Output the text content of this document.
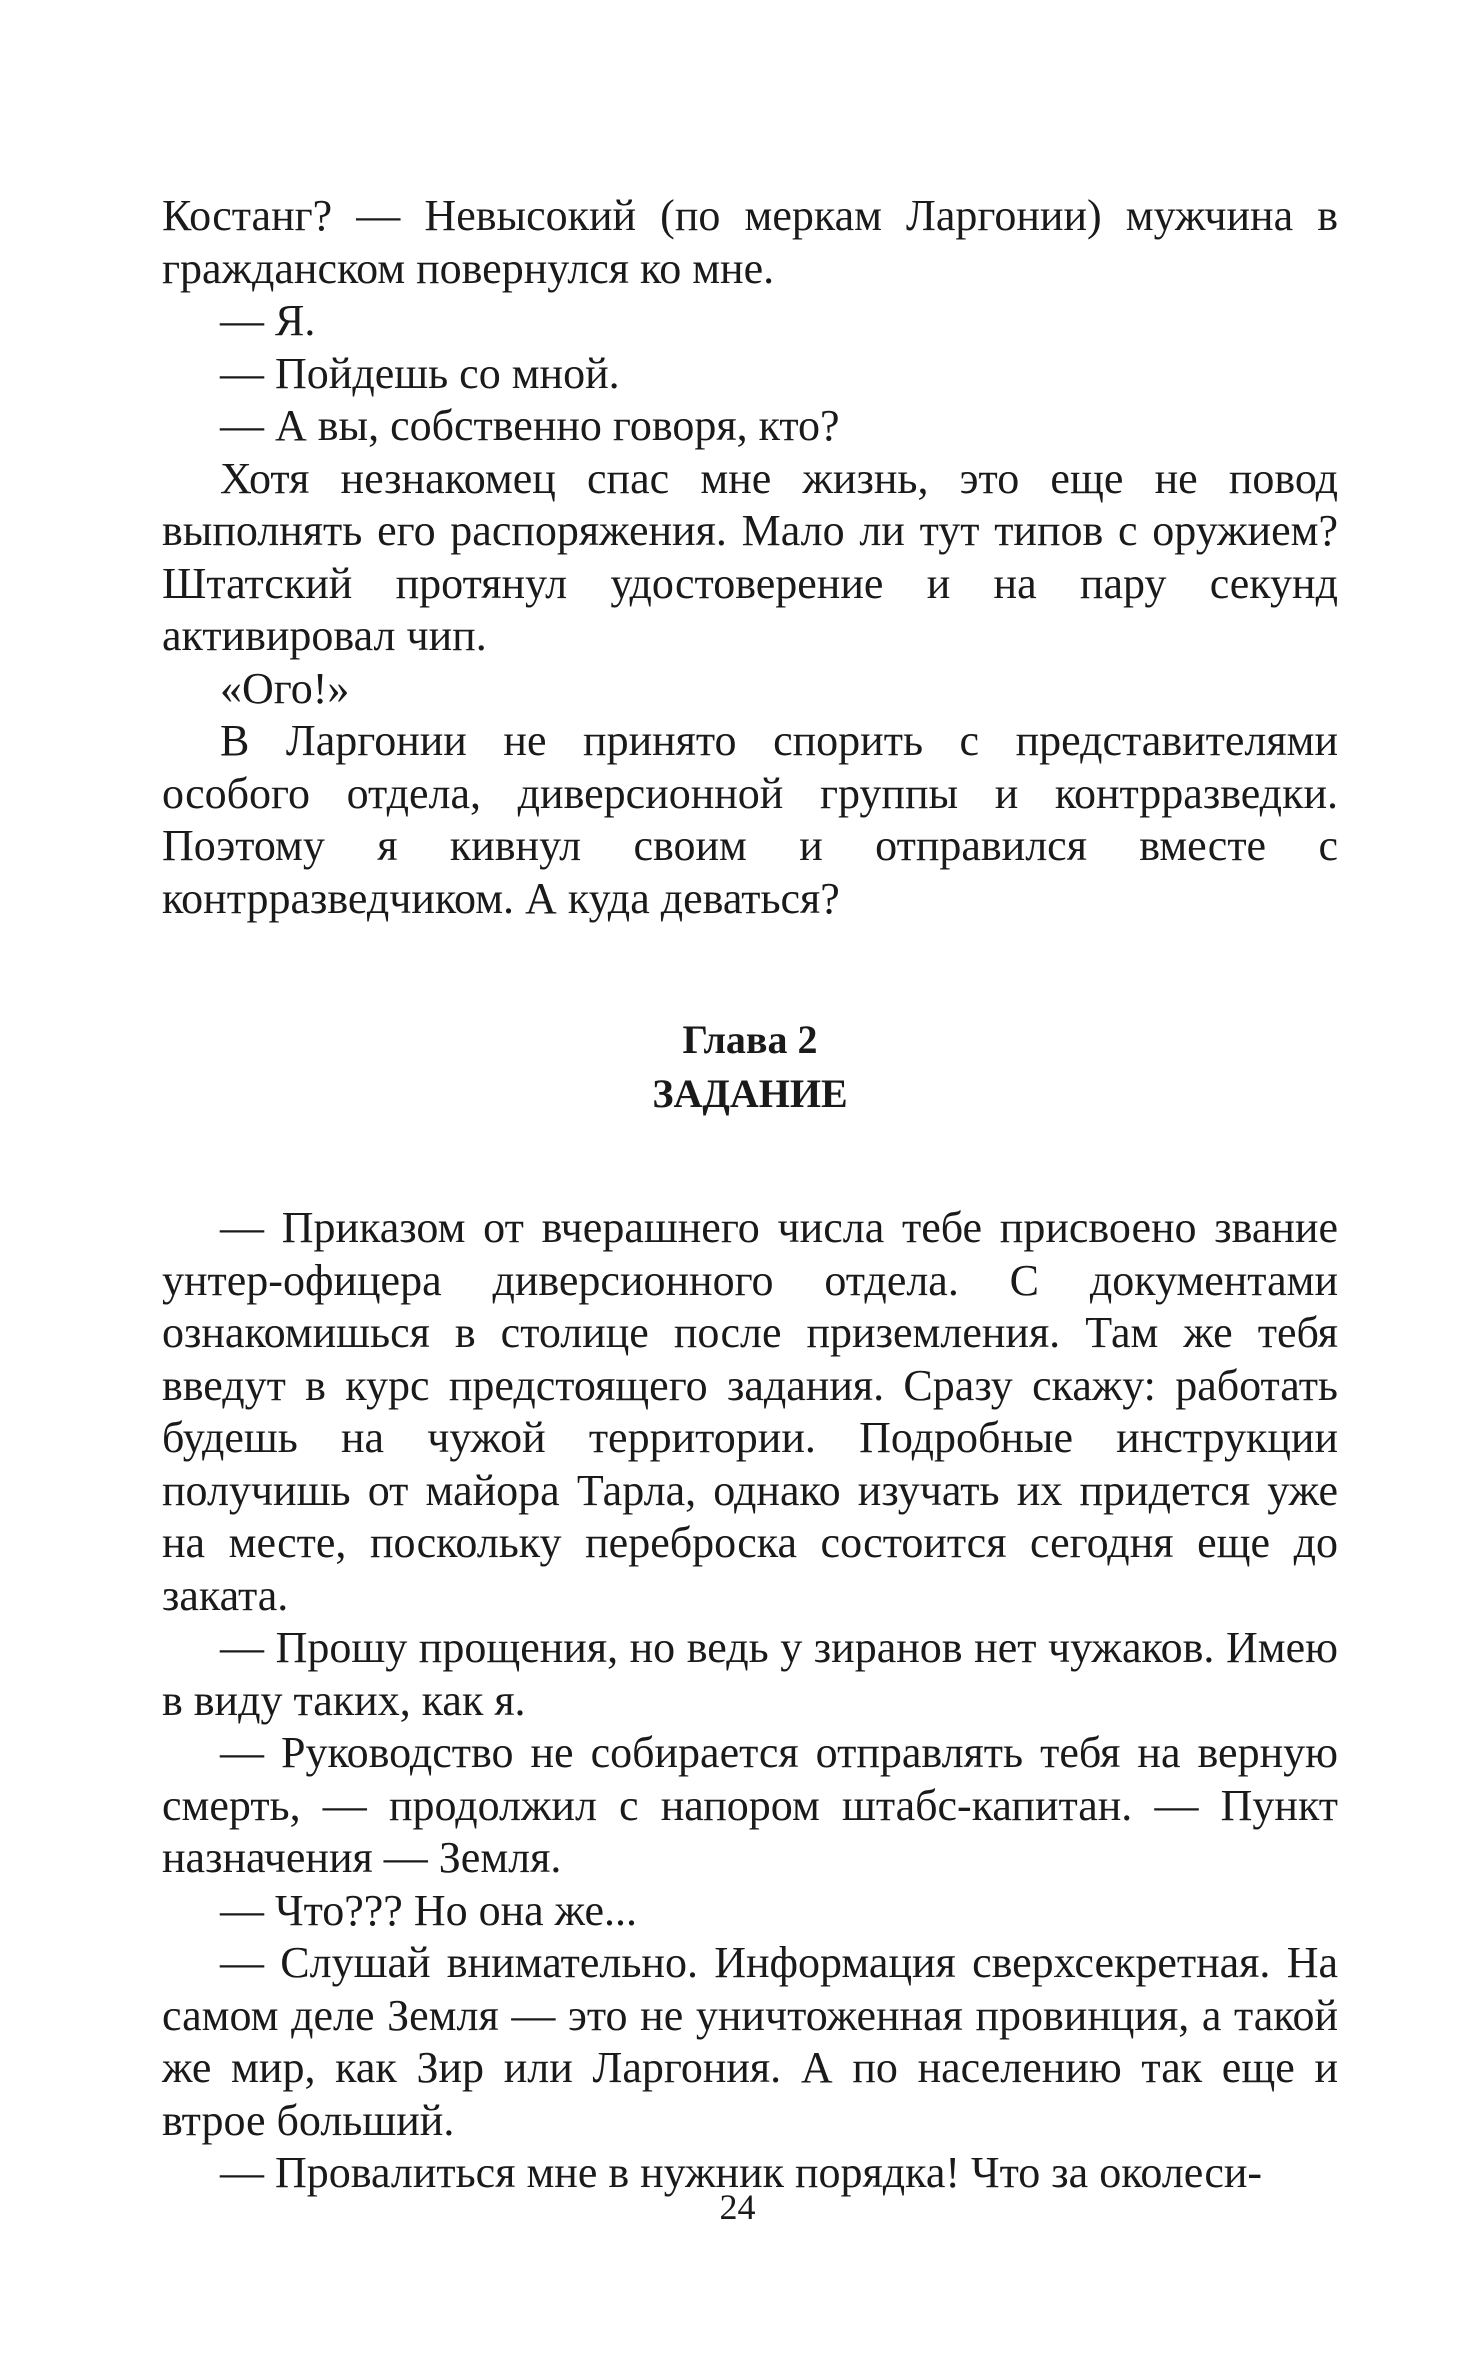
Костанг? — Невысокий (по меркам Ларгонии) мужчина в гражданском повернулся ко мне.

— Я.

— Пойдешь со мной.

— А вы, собственно говоря, кто?

Хотя незнакомец спас мне жизнь, это еще не повод выполнять его распоряжения. Мало ли тут типов с оружием? Штатский протянул удостоверение и на пару секунд активировал чип.

«Ого!»

В Ларгонии не принято спорить с представителями особого отдела, диверсионной группы и контрразведки. Поэтому я кивнул своим и отправился вместе с контрразведчиком. А куда деваться?

Глава 2
ЗАДАНИЕ

— Приказом от вчерашнего числа тебе присвоено звание унтер-офицера диверсионного отдела. С документами ознакомишься в столице после приземления. Там же тебя введут в курс предстоящего задания. Сразу скажу: работать будешь на чужой территории. Подробные инструкции получишь от майора Тарла, однако изучать их придется уже на месте, поскольку переброска состоится сегодня еще до заката.

— Прошу прощения, но ведь у зиранов нет чужаков. Имею в виду таких, как я.

— Руководство не собирается отправлять тебя на верную смерть, — продолжил с напором штабс-капитан. — Пункт назначения — Земля.

— Что??? Но она же...

— Слушай внимательно. Информация сверхсекретная. На самом деле Земля — это не уничтоженная провинция, а такой же мир, как Зир или Ларгония. А по населению так еще и втрое больший.

— Провалиться мне в нужник порядка! Что за околеси-

24
